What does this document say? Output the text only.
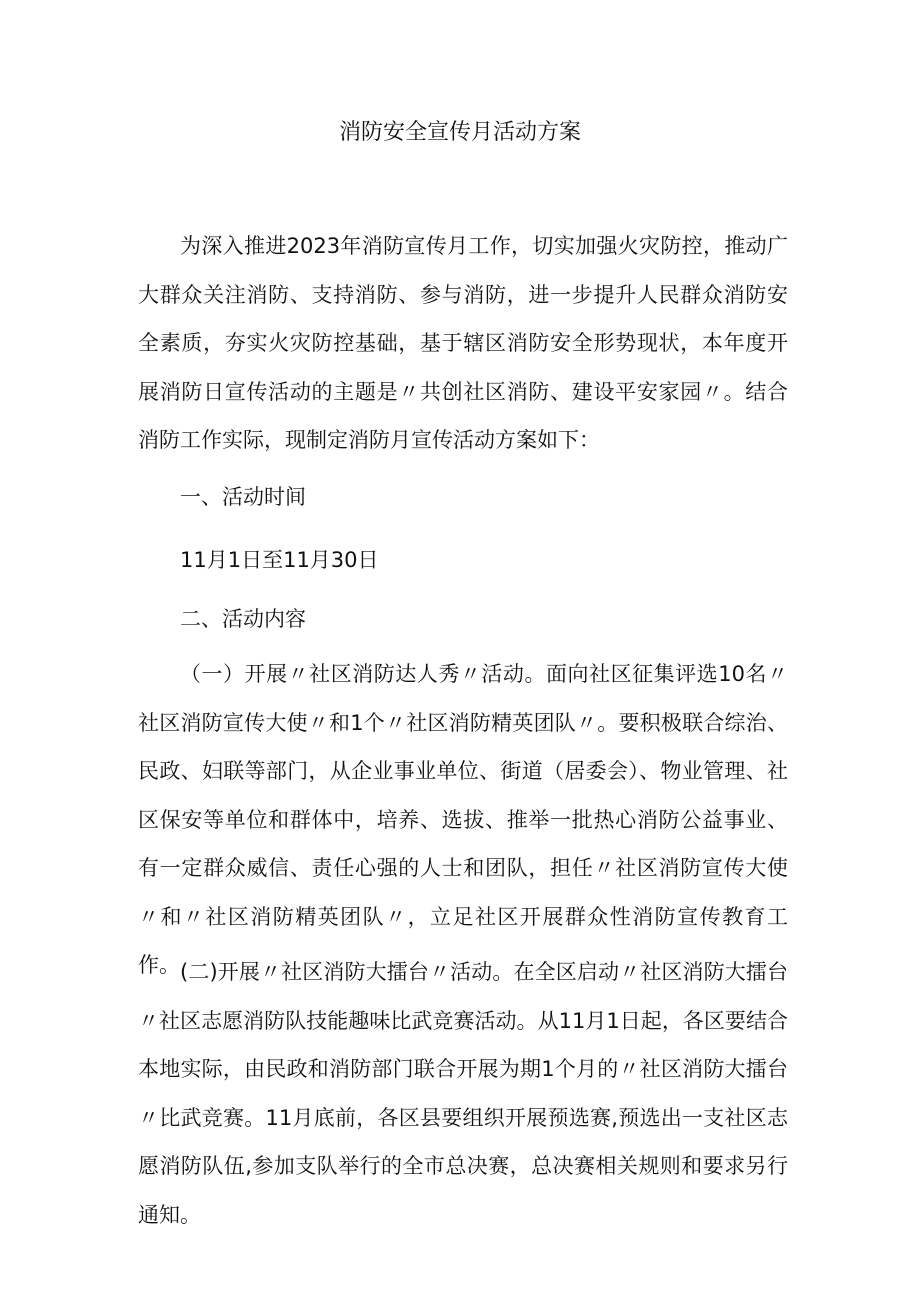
消防安全宣传月活动方案

为深入推进2023年消防宣传月工作，切实加强火灾防控，推动广大群众关注消防、支持消防、参与消防，进一步提升人民群众消防安全素质，夯实火灾防控基础，基于辖区消防安全形势现状，本年度开展消防日宣传活动的主题是〃共创社区消防、建设平安家园〃。结合消防工作实际，现制定消防月宣传活动方案如下：

一、活动时间
11月1日至11月30日
二、活动内容

（一）开展〃社区消防达人秀〃活动。面向社区征集评选10名〃社区消防宣传大使〃和1个〃社区消防精英团队〃。要积极联合综治、民政、妇联等部门，从企业事业单位、街道（居委会）、物业管理、社区保安等单位和群体中，培养、选拔、推举一批热心消防公益事业、有一定群众威信、责任心强的人士和团队，担任〃社区消防宣传大使〃和〃社区消防精英团队〃，立足社区开展群众性消防宣传教育工作。 (二)开展〃社区消防大擂台〃活动。在全区启动〃社区消防大擂台〃社区志愿消防队技能趣味比武竞赛活动。从11月1日起，各区要结合本地实际，由民政和消防部门联合开展为期1个月的〃社区消防大擂台〃比武竞赛。11月底前，各区县要组织开展预选赛,预选出一支社区志愿消防队伍,参加支队举行的全市总决赛，总决赛相关规则和要求另行通知。
